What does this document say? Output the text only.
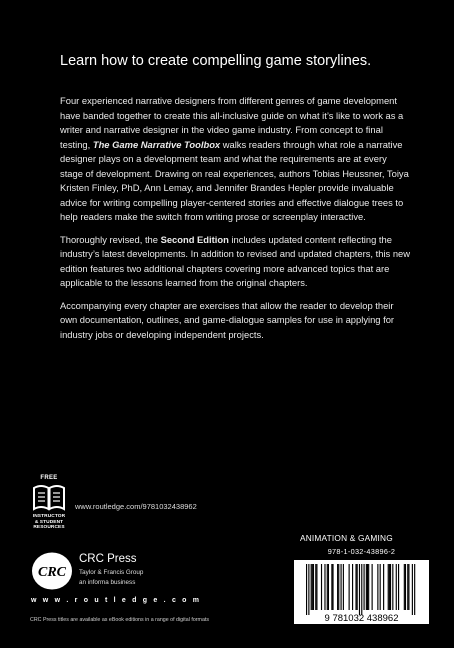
Learn how to create compelling game storylines.

Four experienced narrative designers from different genres of game development have banded together to create this all-inclusive guide on what it’s like to work as a writer and narrative designer in the video game industry. From concept to final testing, The Game Narrative Toolbox walks readers through what role a narrative designer plays on a development team and what the requirements are at every stage of development. Drawing on real experiences, authors Tobias Heussner, Toiya Kristen Finley, PhD, Ann Lemay, and Jennifer Brandes Hepler provide invaluable advice for writing compelling player-centered stories and effective dialogue trees to help readers make the switch from writing prose or screenplay interactive.

Thoroughly revised, the Second Edition includes updated content reflecting the industry’s latest developments. In addition to revised and updated chapters, this new edition features two additional chapters covering more advanced topics that are applicable to the lessons learned from the original chapters.

Accompanying every chapter are exercises that allow the reader to develop their own documentation, outlines, and game-dialogue samples for use in applying for industry jobs or developing independent projects.

FREE
INSTRUCTOR
& STUDENT
RESOURCES
www.routledge.com/9781032438962
ANIMATION & GAMING
CRC
CRC Press
Taylor & Francis Group
an informa business
w w w . r o u t l e d g e . c o m
CRC Press titles are available as eBook editions in a range of digital formats	9 781032 438962
978-1-032-43896-2
